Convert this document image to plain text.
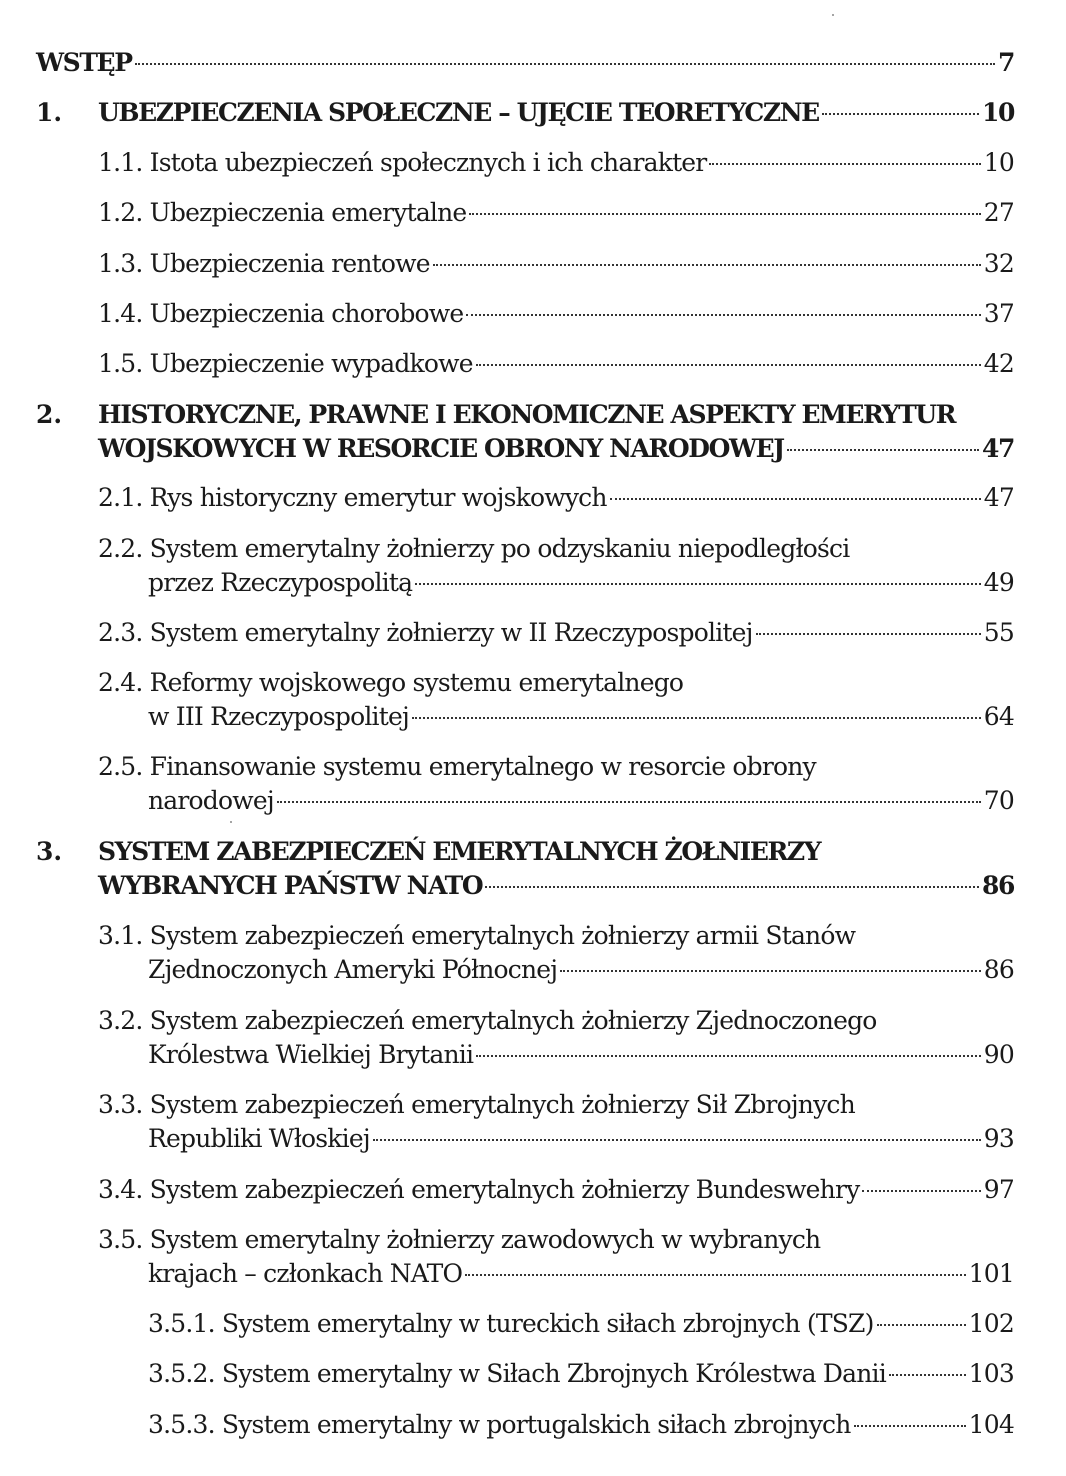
WSTĘP	7
1. UBEZPIECZENIA SPOŁECZNE – UJĘCIE TEORETYCZNE	10
1.1. Istota ubezpieczeń społecznych i ich charakter	10
1.2. Ubezpieczenia emerytalne	27
1.3. Ubezpieczenia rentowe	32
1.4. Ubezpieczenia chorobowe	37
1.5. Ubezpieczenie wypadkowe	42
2. HISTORYCZNE, PRAWNE I EKONOMICZNE ASPEKTY EMERYTUR
WOJSKOWYCH W RESORCIE OBRONY NARODOWEJ	47
2.1. Rys historyczny emerytur wojskowych	47
2.2. System emerytalny żołnierzy po odzyskaniu niepodległości
przez Rzeczypospolitą	49
2.3. System emerytalny żołnierzy w II Rzeczypospolitej	55
2.4. Reformy wojskowego systemu emerytalnego
w III Rzeczypospolitej	64
2.5. Finansowanie systemu emerytalnego w resorcie obrony
narodowej	70
3. SYSTEM ZABEZPIECZEŃ EMERYTALNYCH ŻOŁNIERZY
WYBRANYCH PAŃSTW NATO	86
3.1. System zabezpieczeń emerytalnych żołnierzy armii Stanów
Zjednoczonych Ameryki Północnej	86
3.2. System zabezpieczeń emerytalnych żołnierzy Zjednoczonego
Królestwa Wielkiej Brytanii	90
3.3. System zabezpieczeń emerytalnych żołnierzy Sił Zbrojnych
Republiki Włoskiej	93
3.4. System zabezpieczeń emerytalnych żołnierzy Bundeswehry	97
3.5. System emerytalny żołnierzy zawodowych w wybranych
krajach – członkach NATO	101
3.5.1. System emerytalny w tureckich siłach zbrojnych (TSZ)	102
3.5.2. System emerytalny w Siłach Zbrojnych Królestwa Danii	103
3.5.3. System emerytalny w portugalskich siłach zbrojnych	104
